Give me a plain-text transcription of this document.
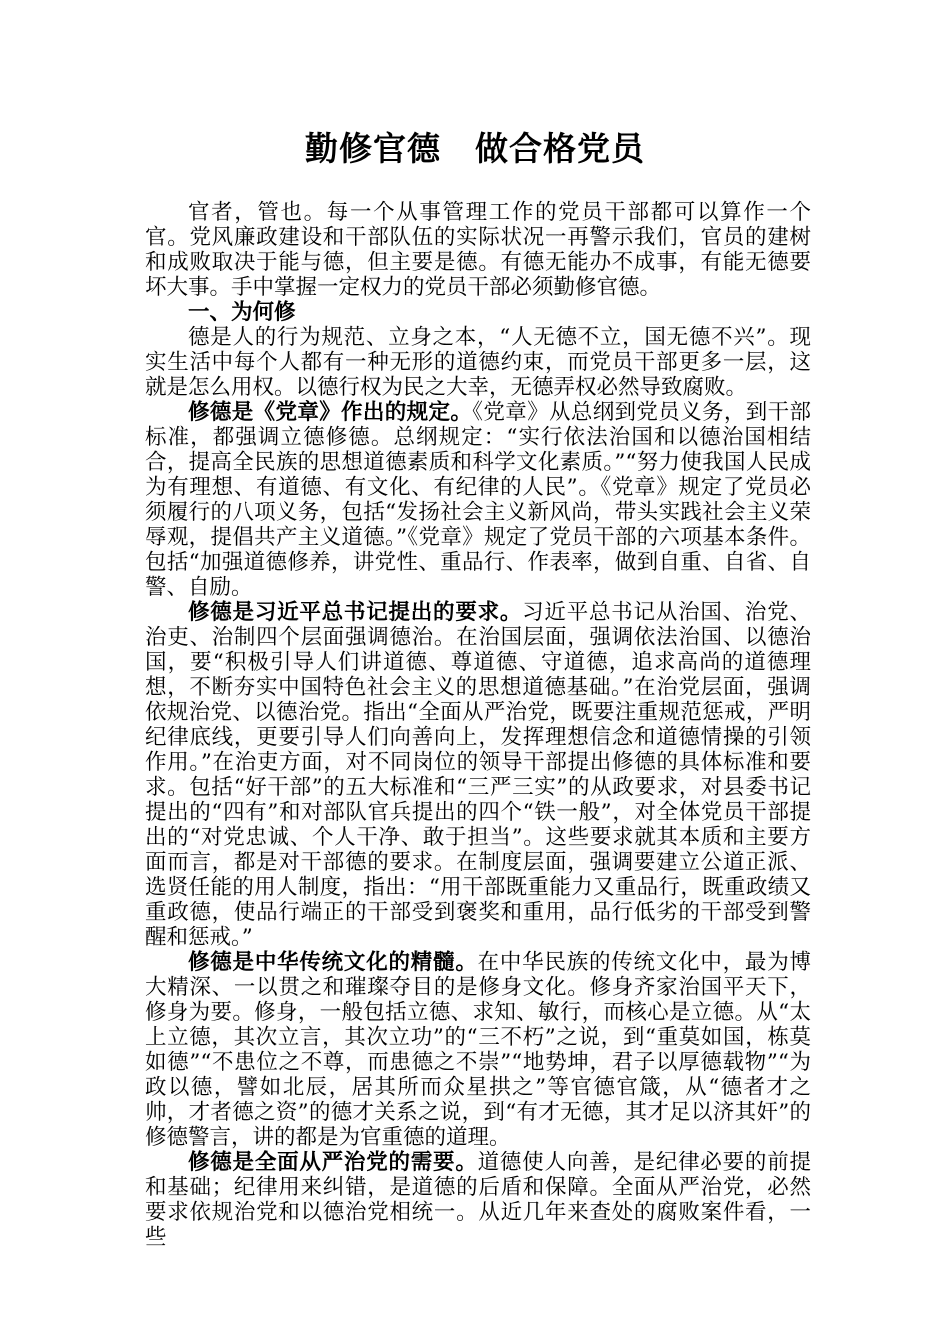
勤修官德　做合格党员

官者，管也。每一个从事管理工作的党员干部都可以算作一个官。党风廉政建设和干部队伍的实际状况一再警示我们，官员的建树和成败取决于能与德，但主要是德。有德无能办不成事，有能无德要坏大事。手中掌握一定权力的党员干部必须勤修官德。

一、为何修

德是人的行为规范、立身之本，“人无德不立，国无德不兴”。现实生活中每个人都有一种无形的道德约束，而党员干部更多一层，这就是怎么用权。以德行权为民之大幸，无德弄权必然导致腐败。

修德是《党章》作出的规定。《党章》从总纲到党员义务，到干部标准，都强调立德修德。总纲规定：“实行依法治国和以德治国相结合，提高全民族的思想道德素质和科学文化素质。”“努力使我国人民成为有理想、有道德、有文化、有纪律的人民”。《党章》规定了党员必须履行的八项义务，包括“发扬社会主义新风尚，带头实践社会主义荣辱观，提倡共产主义道德。”《党章》规定了党员干部的六项基本条件。包括“加强道德修养，讲党性、重品行、作表率，做到自重、自省、自警、自励。

修德是习近平总书记提出的要求。习近平总书记从治国、治党、治吏、治制四个层面强调德治。在治国层面，强调依法治国、以德治国，要“积极引导人们讲道德、尊道德、守道德，追求高尚的道德理想，不断夯实中国特色社会主义的思想道德基础。”在治党层面，强调依规治党、以德治党。指出“全面从严治党，既要注重规范惩戒，严明纪律底线，更要引导人们向善向上，发挥理想信念和道德情操的引领作用。”在治吏方面，对不同岗位的领导干部提出修德的具体标准和要求。包括“好干部”的五大标准和“三严三实”的从政要求，对县委书记提出的“四有”和对部队官兵提出的四个“铁一般”，对全体党员干部提出的“对党忠诚、个人干净、敢于担当”。这些要求就其本质和主要方面而言，都是对干部德的要求。在制度层面，强调要建立公道正派、选贤任能的用人制度，指出：“用干部既重能力又重品行，既重政绩又重政德，使品行端正的干部受到褒奖和重用，品行低劣的干部受到警醒和惩戒。”

修德是中华传统文化的精髓。在中华民族的传统文化中，最为博大精深、一以贯之和璀璨夺目的是修身文化。修身齐家治国平天下，修身为要。修身，一般包括立德、求知、敏行，而核心是立德。从“太上立德，其次立言，其次立功”的“三不朽”之说，到“重莫如国，栋莫如德”“不患位之不尊，而患德之不崇”“地势坤，君子以厚德载物”“为政以德，譬如北辰，居其所而众星拱之”等官德官箴，从“德者才之帅，才者德之资”的德才关系之说，到“有才无德，其才足以济其奸”的修德警言，讲的都是为官重德的道理。

修德是全面从严治党的需要。道德使人向善，是纪律必要的前提和基础；纪律用来纠错，是道德的后盾和保障。全面从严治党，必然要求依规治党和以德治党相统一。从近几年来查处的腐败案件看，一些
